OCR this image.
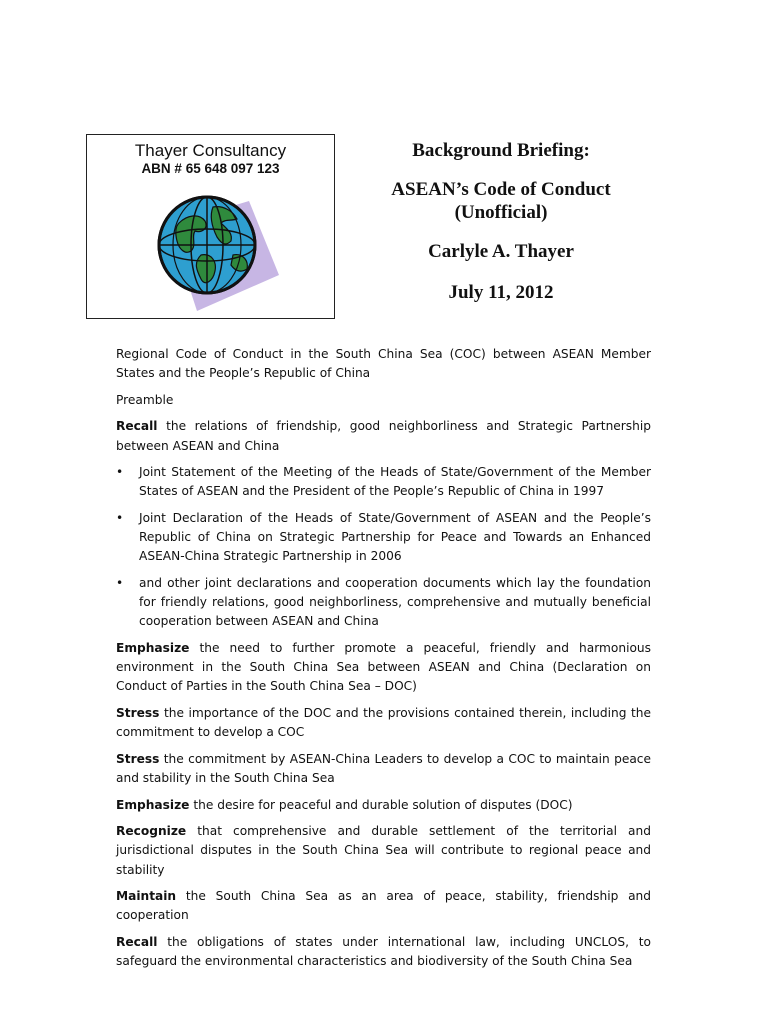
Thayer Consultancy
ABN # 65 648 097 123
Background Briefing:
ASEAN’s Code of Conduct
(Unofficial)
Carlyle A. Thayer
July 11, 2012

Regional Code of Conduct in the South China Sea (COC) between ASEAN Member States and the People’s Republic of China

Preamble

Recall the relations of friendship, good neighborliness and Strategic Partnership between ASEAN and China

• Joint Statement of the Meeting of the Heads of State/Government of the Member States of ASEAN and the President of the People’s Republic of China in 1997
• Joint Declaration of the Heads of State/Government of ASEAN and the People’s Republic of China on Strategic Partnership for Peace and Towards an Enhanced ASEAN-China Strategic Partnership in 2006
• and other joint declarations and cooperation documents which lay the foundation for friendly relations, good neighborliness, comprehensive and mutually beneficial cooperation between ASEAN and China

Emphasize the need to further promote a peaceful, friendly and harmonious environment in the South China Sea between ASEAN and China (Declaration on Conduct of Parties in the South China Sea – DOC)

Stress the importance of the DOC and the provisions contained therein, including the commitment to develop a COC

Stress the commitment by ASEAN-China Leaders to develop a COC to maintain peace and stability in the South China Sea

Emphasize the desire for peaceful and durable solution of disputes (DOC)

Recognize that comprehensive and durable settlement of the territorial and jurisdictional disputes in the South China Sea will contribute to regional peace and stability

Maintain the South China Sea as an area of peace, stability, friendship and cooperation

Recall the obligations of states under international law, including UNCLOS, to safeguard the environmental characteristics and biodiversity of the South China Sea
